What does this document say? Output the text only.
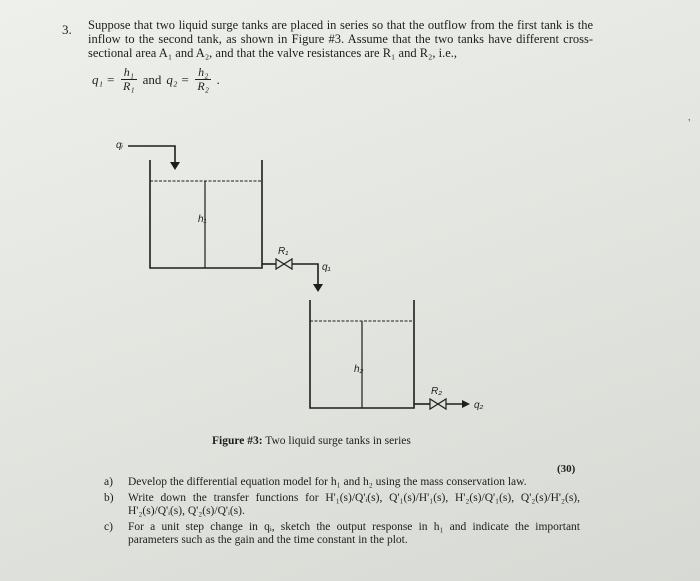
3. Suppose that two liquid surge tanks are placed in series so that the outflow from the first tank is the inflow to the second tank, as shown in Figure #3. Assume that the two tanks have different cross-sectional area A₁ and A₂, and that the valve resistances are R₁ and R₂, i.e.,
$q_1 = \frac{\text{h₁}}{\text{R₁}}$ and $q_2 = \frac{\text{h₂}}{\text{R₂}}$ .
qᵢ
h₁
R₁
q₁
h₂
R₂
q₂
Figure #3: Two liquid surge tanks in series
(30)
a)	Develop the differential equation model for h₁ and h₂ using the mass conservation law.
b)	Write down the transfer functions for H'₁(s)/Q'ᵢ(s), Q'₁(s)/H'₁(s), H'₂(s)/Q'₁(s), Q'₂(s)/H'₂(s), H'₂(s)/Q'ᵢ(s), Q'₂(s)/Q'ᵢ(s).
c)	For a unit step change in qᵢ, sketch the output response in h₁ and indicate the important parameters such as the gain and the time constant in the plot.
ʼ
